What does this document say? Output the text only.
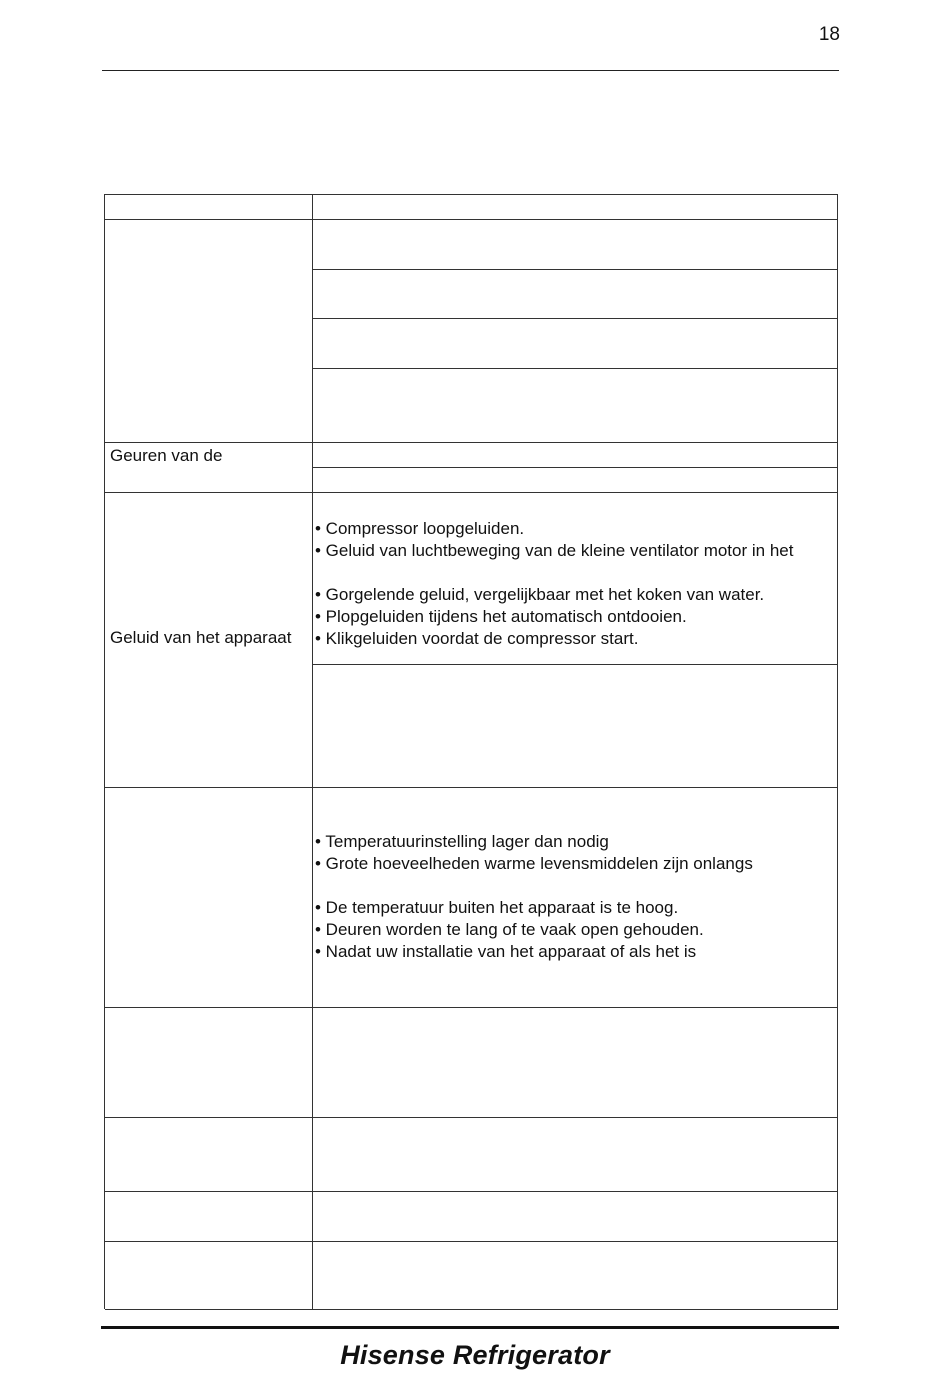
18
Geuren van de
Geluid van het apparaat
• Compressor loopgeluiden.
• Geluid van luchtbeweging van de kleine ventilator motor in het
• Gorgelende geluid, vergelijkbaar met het koken van water.
• Plopgeluiden tijdens het automatisch ontdooien.
• Klikgeluiden voordat de compressor start.
• Temperatuurinstelling lager dan nodig
• Grote hoeveelheden warme levensmiddelen zijn onlangs
• De temperatuur buiten het apparaat is te hoog.
• Deuren worden te lang of te vaak open gehouden.
• Nadat uw installatie van het apparaat of als het is
Hisense Refrigerator
